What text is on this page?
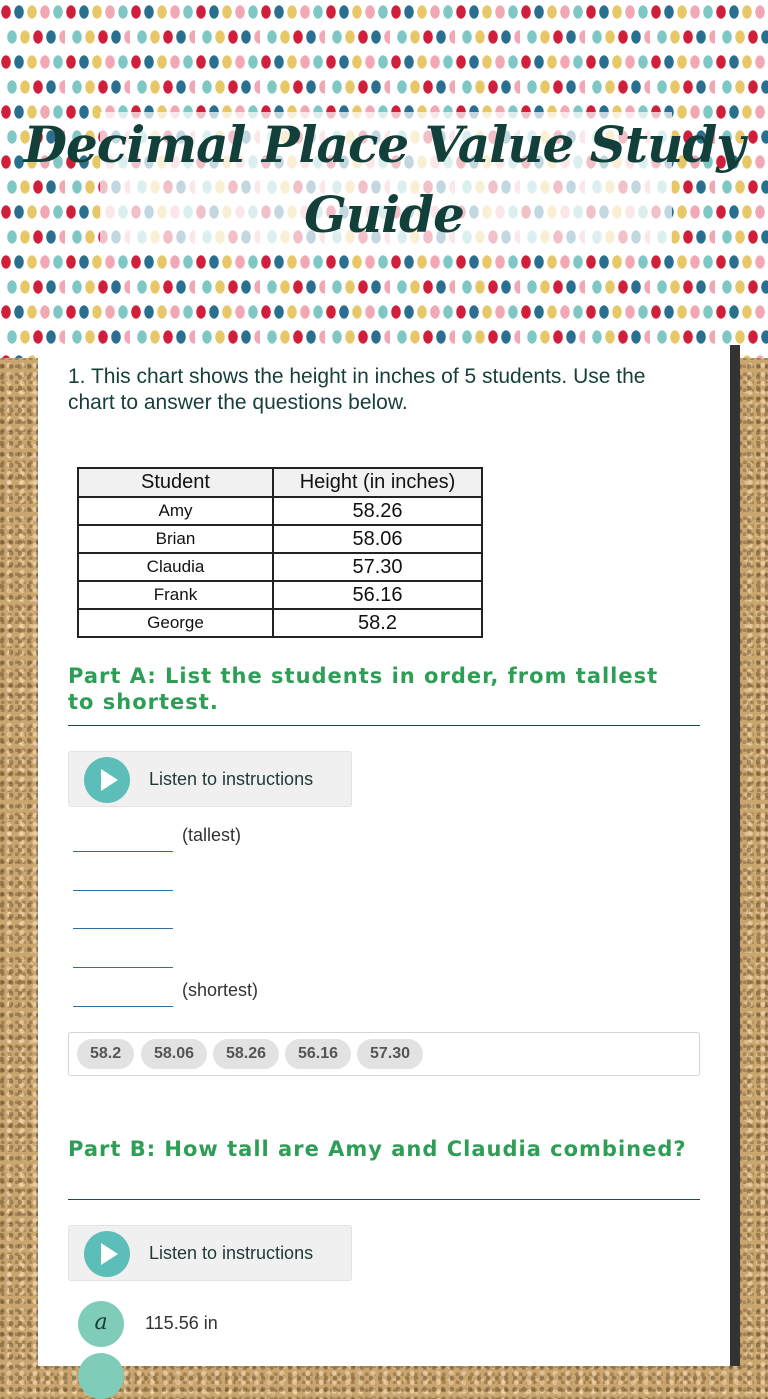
Decimal Place Value Study Guide

1. This chart shows the height in inches of 5 students. Use the chart to answer the questions below.

Student	Height (in inches)
Amy	58.26
Brian	58.06
Claudia	57.30
Frank	56.16
George	58.2

Part A: List the students in order, from tallest to shortest.

Listen to instructions
(tallest)
(shortest)
58.2	58.06	58.26	56.16	57.30

Part B: How tall are Amy and Claudia combined?

Listen to instructions
a	115.56 in
